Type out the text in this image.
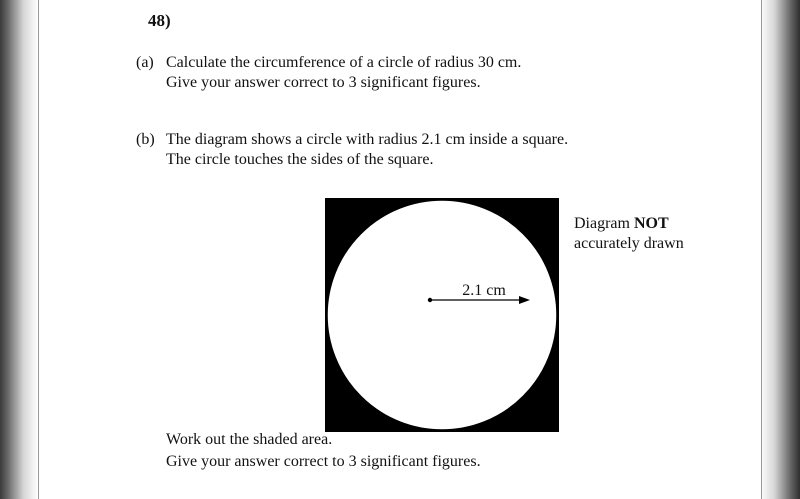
48)
(a) Calculate the circumference of a circle of radius 30 cm.
Give your answer correct to 3 significant figures.
(b) The diagram shows a circle with radius 2.1 cm inside a square.
The circle touches the sides of the square.
2.1 cm
Diagram NOT
accurately drawn
Work out the shaded area.
Give your answer correct to 3 significant figures.
